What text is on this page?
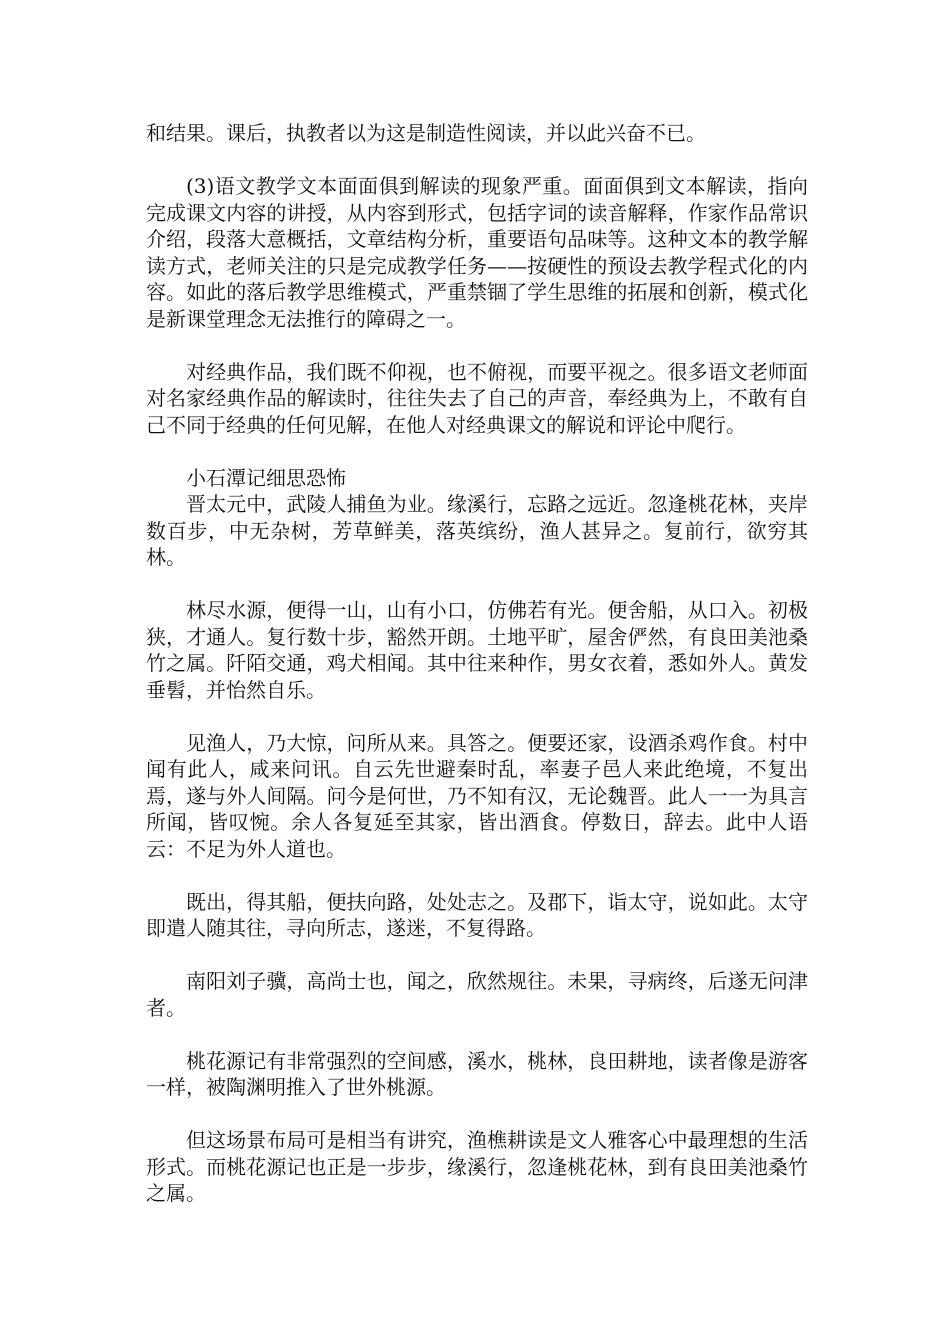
和结果。课后，执教者以为这是制造性阅读，并以此兴奋不已。

(3)语文教学文本面面俱到解读的现象严重。面面俱到文本解读，指向完成课文内容的讲授，从内容到形式，包括字词的读音解释，作家作品常识介绍，段落大意概括，文章结构分析，重要语句品味等。这种文本的教学解读方式，老师关注的只是完成教学任务——按硬性的预设去教学程式化的内容。如此的落后教学思维模式，严重禁锢了学生思维的拓展和创新，模式化是新课堂理念无法推行的障碍之一。

对经典作品，我们既不仰视，也不俯视，而要平视之。很多语文老师面对名家经典作品的解读时，往往失去了自己的声音，奉经典为上，不敢有自己不同于经典的任何见解，在他人对经典课文的解说和评论中爬行。

小石潭记细思恐怖

晋太元中，武陵人捕鱼为业。缘溪行，忘路之远近。忽逢桃花林，夹岸数百步，中无杂树，芳草鲜美，落英缤纷，渔人甚异之。复前行，欲穷其林。

林尽水源，便得一山，山有小口，仿佛若有光。便舍船，从口入。初极狭，才通人。复行数十步，豁然开朗。土地平旷，屋舍俨然，有良田美池桑竹之属。阡陌交通，鸡犬相闻。其中往来种作，男女衣着，悉如外人。黄发垂髫，并怡然自乐。

见渔人，乃大惊，问所从来。具答之。便要还家，设酒杀鸡作食。村中闻有此人，咸来问讯。自云先世避秦时乱，率妻子邑人来此绝境，不复出焉，遂与外人间隔。问今是何世，乃不知有汉，无论魏晋。此人一一为具言所闻，皆叹惋。余人各复延至其家，皆出酒食。停数日，辞去。此中人语云：不足为外人道也。

既出，得其船，便扶向路，处处志之。及郡下，诣太守，说如此。太守即遣人随其往，寻向所志，遂迷，不复得路。

南阳刘子骥，高尚士也，闻之，欣然规往。未果，寻病终，后遂无问津者。

桃花源记有非常强烈的空间感，溪水，桃林，良田耕地，读者像是游客一样，被陶渊明推入了世外桃源。

但这场景布局可是相当有讲究，渔樵耕读是文人雅客心中最理想的生活形式。而桃花源记也正是一步步，缘溪行，忽逢桃花林，到有良田美池桑竹之属。
